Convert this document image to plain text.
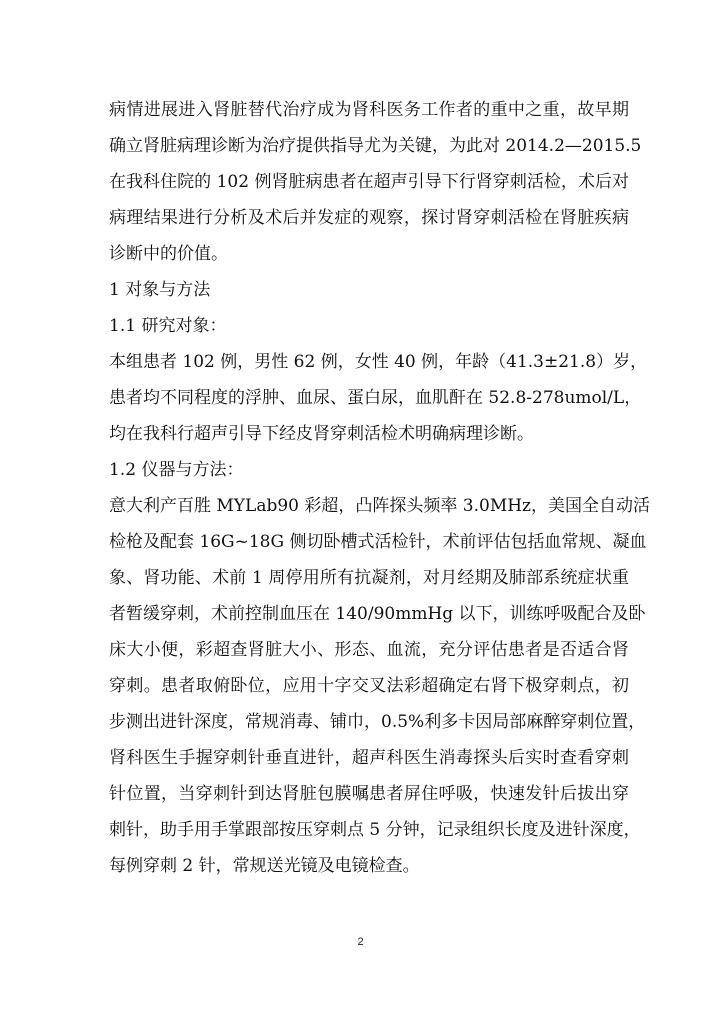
病情进展进入肾脏替代治疗成为肾科医务工作者的重中之重，故早期
确立肾脏病理诊断为治疗提供指导尤为关键，为此对 2014.2—2015.5
在我科住院的 102 例肾脏病患者在超声引导下行肾穿刺活检，术后对
病理结果进行分析及术后并发症的观察，探讨肾穿刺活检在肾脏疾病
诊断中的价值。
1 对象与方法
1.1 研究对象：
本组患者 102 例，男性 62 例，女性 40 例，年龄（41.3±21.8）岁，
患者均不同程度的浮肿、血尿、蛋白尿，血肌酐在 52.8-278umol/L，
均在我科行超声引导下经皮肾穿刺活检术明确病理诊断。
1.2 仪器与方法：
意大利产百胜 MYLab90 彩超，凸阵探头频率 3.0MHz，美国全自动活
检枪及配套 16G~18G 侧切卧槽式活检针，术前评估包括血常规、凝血
象、肾功能、术前 1 周停用所有抗凝剂，对月经期及肺部系统症状重
者暂缓穿刺，术前控制血压在 140/90mmHg 以下，训练呼吸配合及卧
床大小便，彩超查肾脏大小、形态、血流，充分评估患者是否适合肾
穿刺。患者取俯卧位，应用十字交叉法彩超确定右肾下极穿刺点，初
步测出进针深度，常规消毒、铺巾，0.5%利多卡因局部麻醉穿刺位置，
肾科医生手握穿刺针垂直进针，超声科医生消毒探头后实时查看穿刺
针位置，当穿刺针到达肾脏包膜嘱患者屏住呼吸，快速发针后拔出穿
刺针，助手用手掌跟部按压穿刺点 5 分钟，记录组织长度及进针深度，
每例穿刺 2 针，常规送光镜及电镜检查。
2
